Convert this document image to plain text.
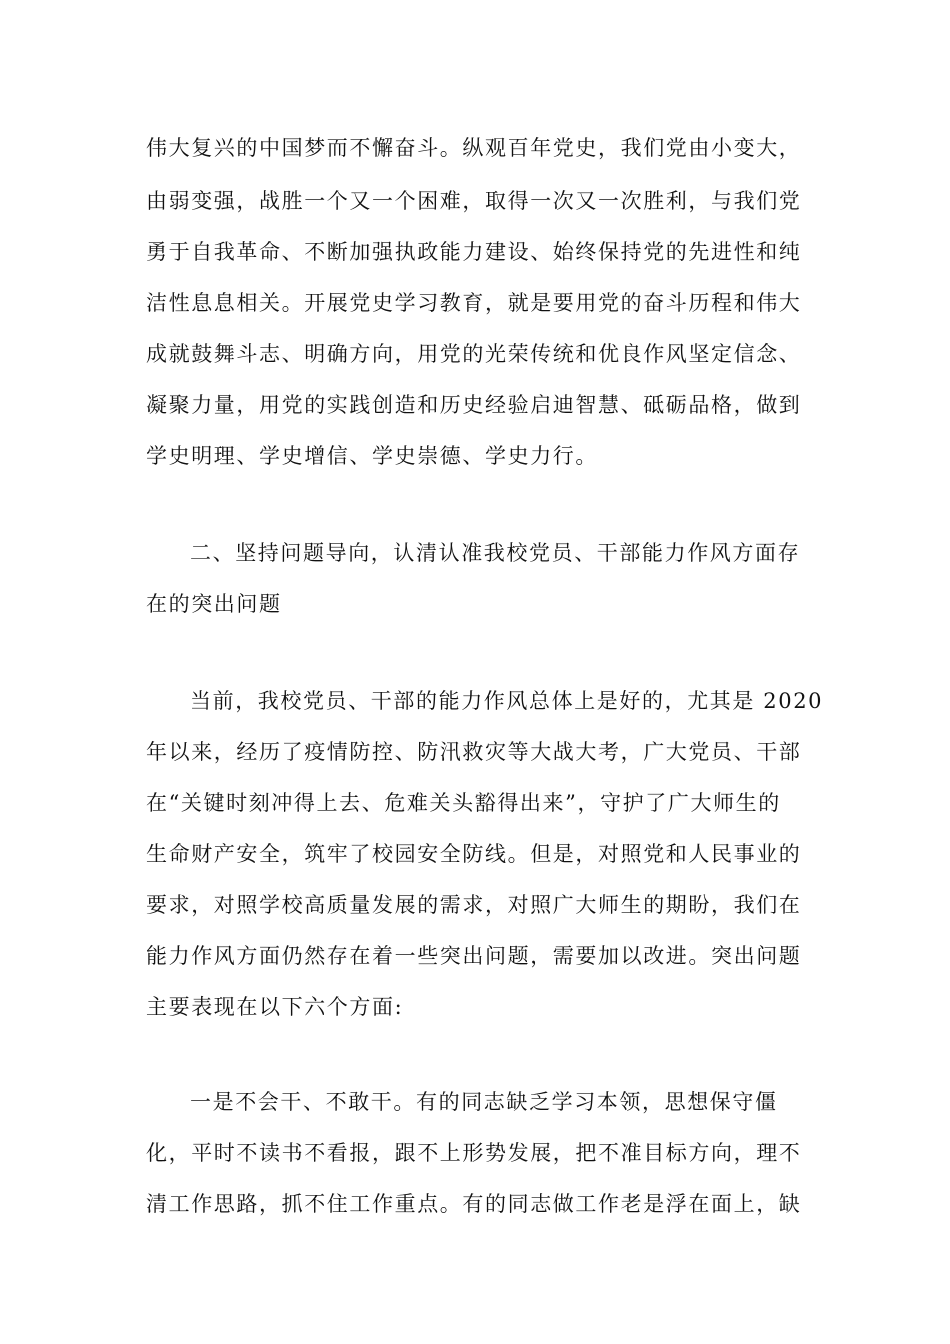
伟大复兴的中国梦而不懈奋斗。纵观百年党史，我们党由小变大，
由弱变强，战胜一个又一个困难，取得一次又一次胜利，与我们党
勇于自我革命、不断加强执政能力建设、始终保持党的先进性和纯
洁性息息相关。开展党史学习教育，就是要用党的奋斗历程和伟大
成就鼓舞斗志、明确方向，用党的光荣传统和优良作风坚定信念、
凝聚力量，用党的实践创造和历史经验启迪智慧、砥砺品格，做到
学史明理、学史增信、学史崇德、学史力行。
二、坚持问题导向，认清认准我校党员、干部能力作风方面存
在的突出问题
当前，我校党员、干部的能力作风总体上是好的，尤其是 2020
年以来，经历了疫情防控、防汛救灾等大战大考，广大党员、干部
在“关键时刻冲得上去、危难关头豁得出来”，守护了广大师生的
生命财产安全，筑牢了校园安全防线。但是，对照党和人民事业的
要求，对照学校高质量发展的需求，对照广大师生的期盼，我们在
能力作风方面仍然存在着一些突出问题，需要加以改进。突出问题
主要表现在以下六个方面:
一是不会干、不敢干。有的同志缺乏学习本领，思想保守僵
化，平时不读书不看报，跟不上形势发展，把不准目标方向，理不
清工作思路，抓不住工作重点。有的同志做工作老是浮在面上，缺
